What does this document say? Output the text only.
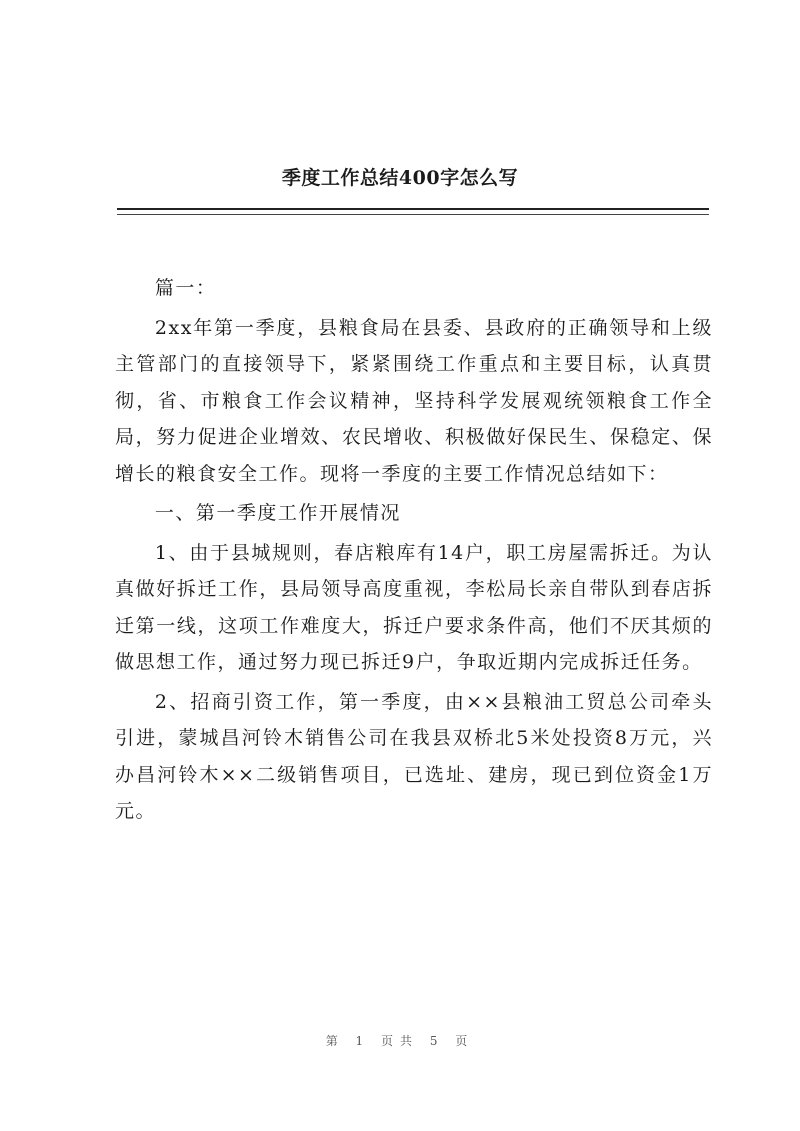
季度工作总结400字怎么写

篇一：

2xx年第一季度，县粮食局在县委、县政府的正确领导和上级主管部门的直接领导下，紧紧围绕工作重点和主要目标，认真贯彻，省、市粮食工作会议精神，坚持科学发展观统领粮食工作全局，努力促进企业增效、农民增收、积极做好保民生、保稳定、保增长的粮食安全工作。现将一季度的主要工作情况总结如下：

一、第一季度工作开展情况

1、由于县城规则，春店粮库有14户，职工房屋需拆迁。为认真做好拆迁工作，县局领导高度重视，李松局长亲自带队到春店拆迁第一线，这项工作难度大，拆迁户要求条件高，他们不厌其烦的做思想工作，通过努力现已拆迁9户，争取近期内完成拆迁任务。

2、招商引资工作，第一季度，由××县粮油工贸总公司牵头引进，蒙城昌河铃木销售公司在我县双桥北5米处投资8万元，兴办昌河铃木××二级销售项目，已选址、建房，现已到位资金1万元。

第 1 页共 5 页
